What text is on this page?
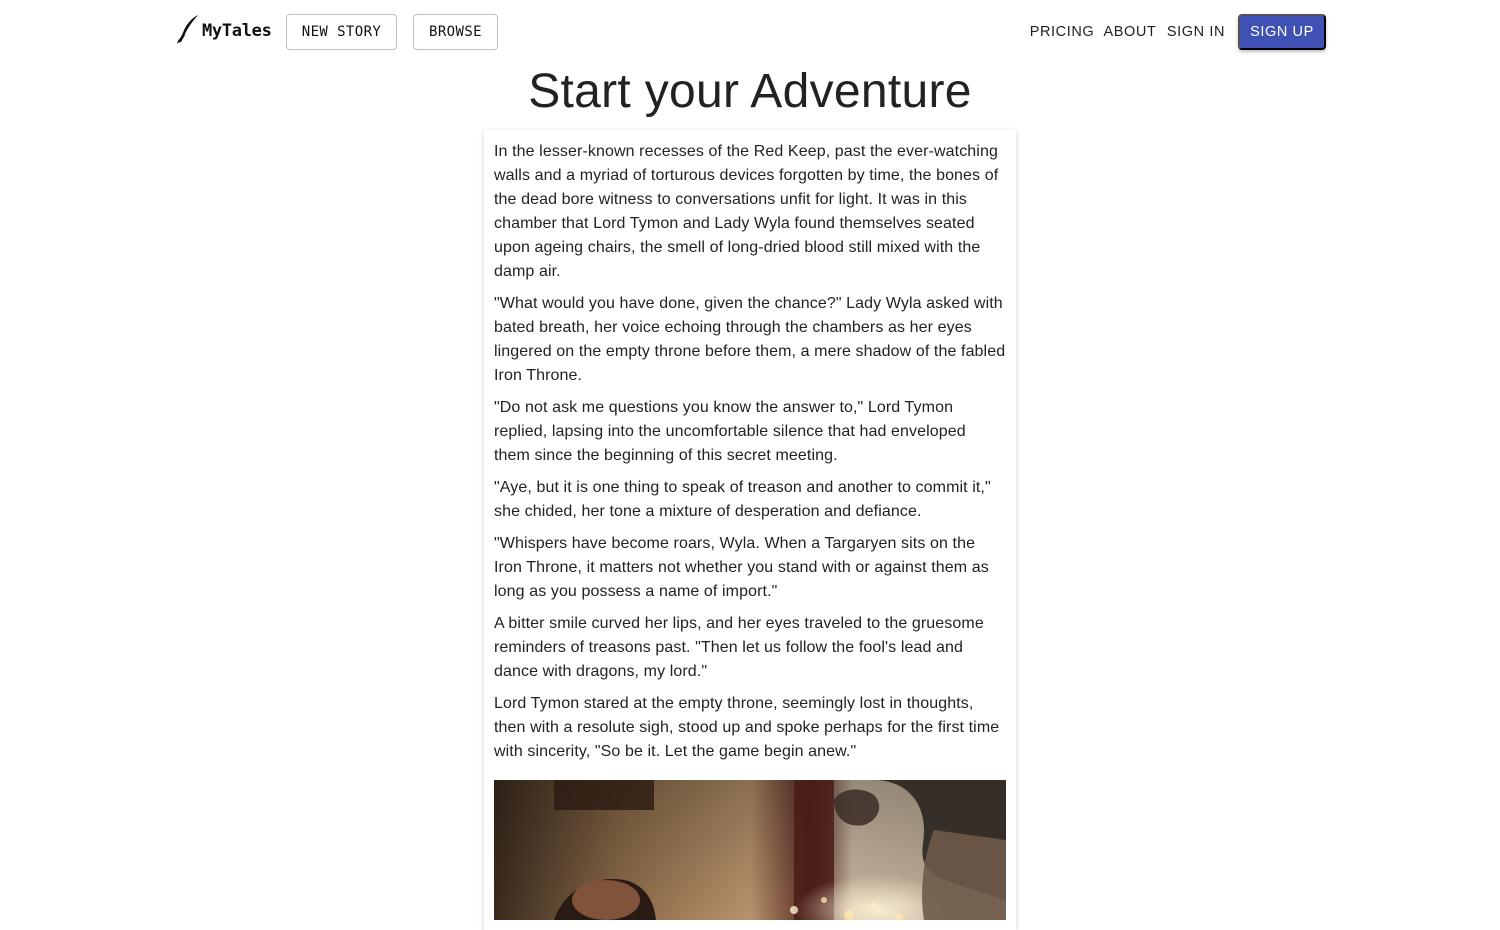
MyTales	NEW STORY	BROWSE	PRICING ABOUT SIGN IN	SIGN UP
Start your Adventure

In the lesser-known recesses of the Red Keep, past the ever-watching walls and a myriad of torturous devices forgotten by time, the bones of the dead bore witness to conversations unfit for light. It was in this chamber that Lord Tymon and Lady Wyla found themselves seated upon ageing chairs, the smell of long-dried blood still mixed with the damp air.

"What would you have done, given the chance?" Lady Wyla asked with bated breath, her voice echoing through the chambers as her eyes lingered on the empty throne before them, a mere shadow of the fabled Iron Throne.

"Do not ask me questions you know the answer to," Lord Tymon replied, lapsing into the uncomfortable silence that had enveloped them since the beginning of this secret meeting.

"Aye, but it is one thing to speak of treason and another to commit it," she chided, her tone a mixture of desperation and defiance.

"Whispers have become roars, Wyla. When a Targaryen sits on the Iron Throne, it matters not whether you stand with or against them as long as you possess a name of import."

A bitter smile curved her lips, and her eyes traveled to the gruesome reminders of treasons past. "Then let us follow the fool's lead and dance with dragons, my lord."

Lord Tymon stared at the empty throne, seemingly lost in thoughts, then with a resolute sigh, stood up and spoke perhaps for the first time with sincerity, "So be it. Let the game begin anew."
